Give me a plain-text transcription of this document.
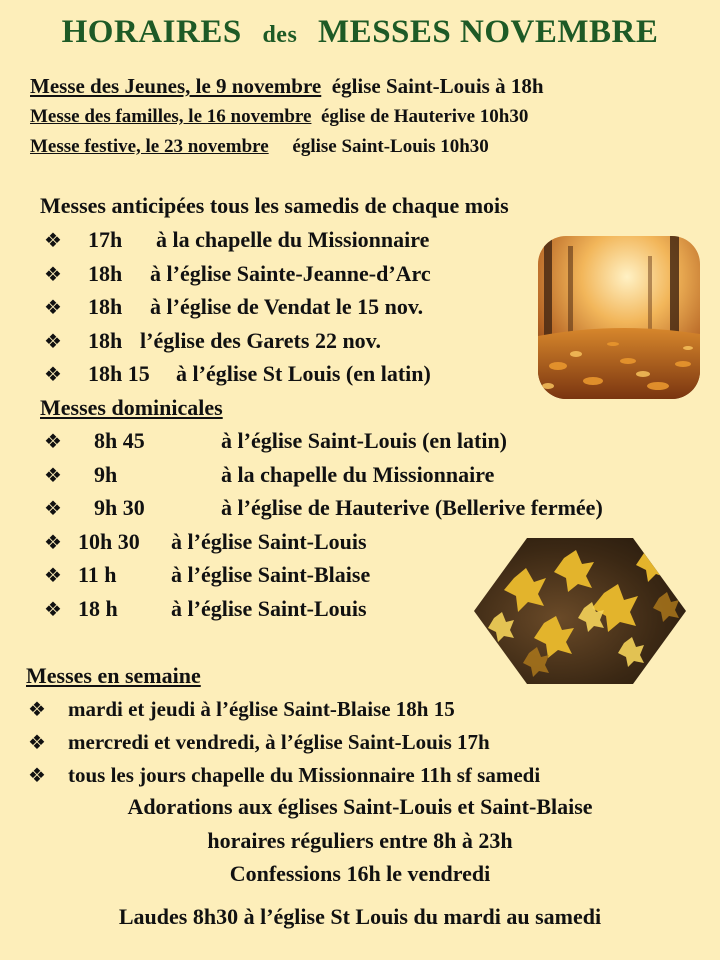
HORAIRES des MESSES NOVEMBRE
Messe des Jeunes, le 9 novembre église Saint-Louis à 18h
Messe des familles, le 16 novembre église de Hauterive 10h30
Messe festive, le 23 novembre église Saint-Louis 10h30
Messes anticipées tous les samedis de chaque mois
❖ 17h à la chapelle du Missionnaire
❖ 18h à l’église Sainte-Jeanne-d’Arc
❖ 18h à l’église de Vendat le 15 nov.
❖ 18h l’église des Garets 22 nov.
❖ 18h 15 à l’église St Louis (en latin)
Messes dominicales
❖ 8h 45	à l’église Saint-Louis (en latin)
❖ 9h	à la chapelle du Missionnaire
❖ 9h 30	à l’église de Hauterive (Bellerive fermée)
❖ 10h 30 à l’église Saint-Louis
❖ 11 h à l’église Saint-Blaise
❖ 18 h à l’église Saint-Louis
Messes en semaine
❖ mardi et jeudi à l’église Saint-Blaise 18h 15
❖ mercredi et vendredi, à l’église Saint-Louis 17h
❖ tous les jours chapelle du Missionnaire 11h sf samedi
Adorations aux églises Saint-Louis et Saint-Blaise
horaires réguliers entre 8h à 23h
Confessions 16h le vendredi
Laudes 8h30 à l’église St Louis du mardi au samedi
